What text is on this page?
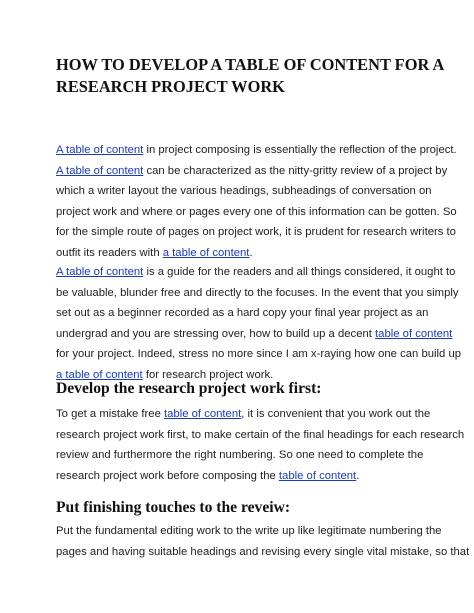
HOW TO DEVELOP A TABLE OF CONTENT FOR A
RESEARCH PROJECT WORK

A table of content in project composing is essentially the reflection of the project.
A table of content can be characterized as the nitty-gritty review of a project by
which a writer layout the various headings, subheadings of conversation on
project work and where or pages every one of this information can be gotten. So
for the simple route of pages on project work, it is prudent for research writers to
outfit its readers with a table of content.

A table of content is a guide for the readers and all things considered, it ought to
be valuable, blunder free and directly to the focuses. In the event that you simply
set out as a beginner recorded as a hard copy your final year project as an
undergrad and you are stressing over, how to build up a decent table of content
for your project. Indeed, stress no more since I am x-raying how one can build up
a table of content for research project work.

Develop the research project work first:

To get a mistake free table of content, it is convenient that you work out the
research project work first, to make certain of the final headings for each research
review and furthermore the right numbering. So one need to complete the
research project work before composing the table of content.

Put finishing touches to the reveiw:

Put the fundamental editing work to the write up like legitimate numbering the
pages and having suitable headings and revising every single vital mistake, so that
